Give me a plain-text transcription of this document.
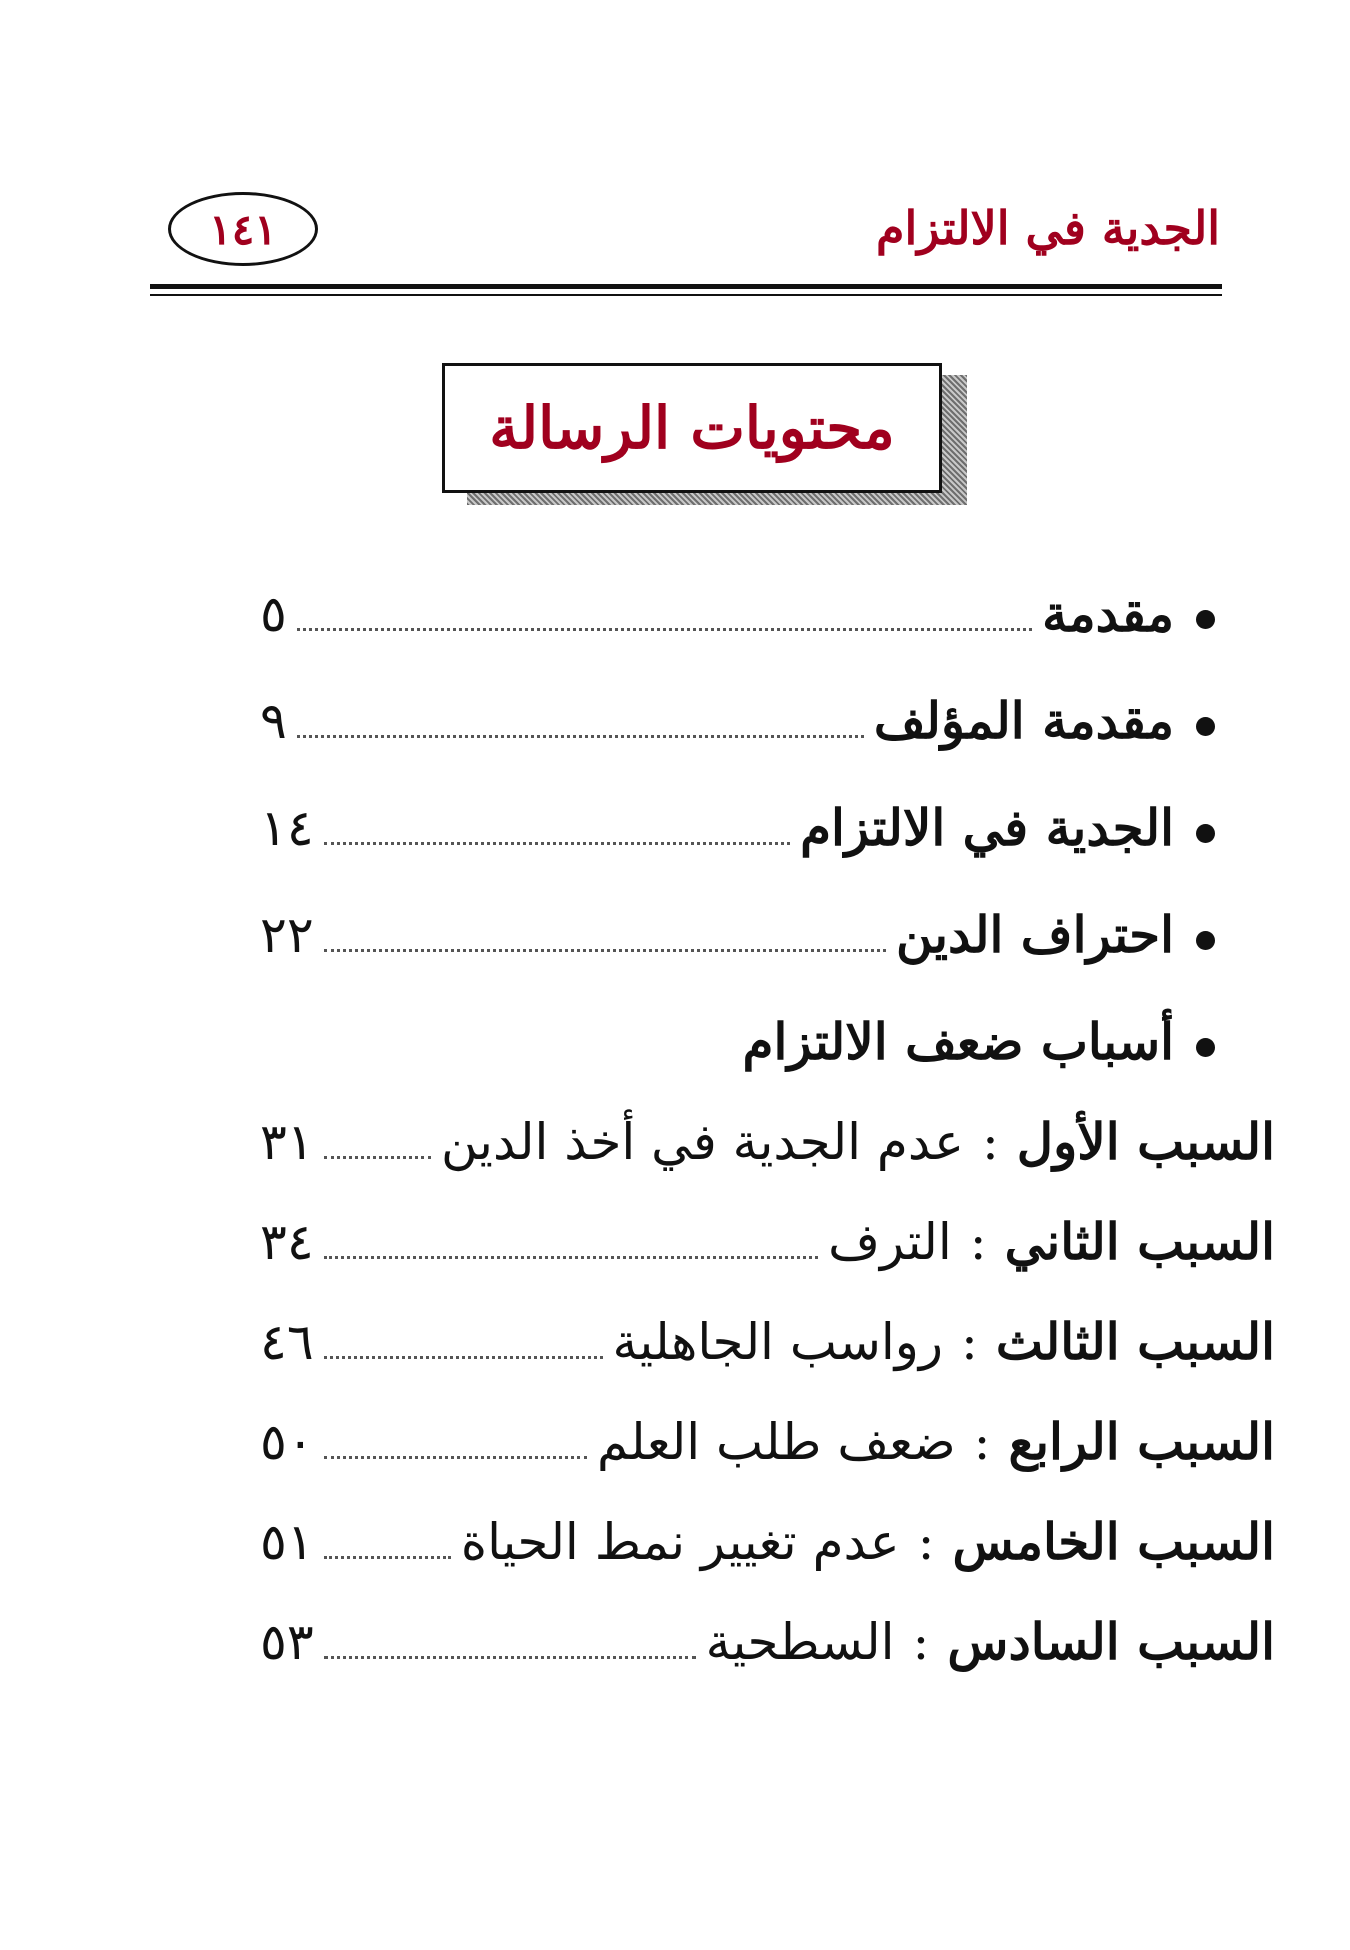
الجدية في الالتزام
١٤١
محتويات الرسالة
مقدمة
٥
مقدمة المؤلف
٩
الجدية في الالتزام
١٤
احتراف الدين
٢٢
أسباب ضعف الالتزام
السبب الأول
:
عدم الجدية في أخذ الدين
٣١
السبب الثاني
:
الترف
٣٤
السبب الثالث
:
رواسب الجاهلية
٤٦
السبب الرابع
:
ضعف طلب العلم
٥٠
السبب الخامس
:
عدم تغيير نمط الحياة
٥١
السبب السادس
:
السطحية
٥٣
